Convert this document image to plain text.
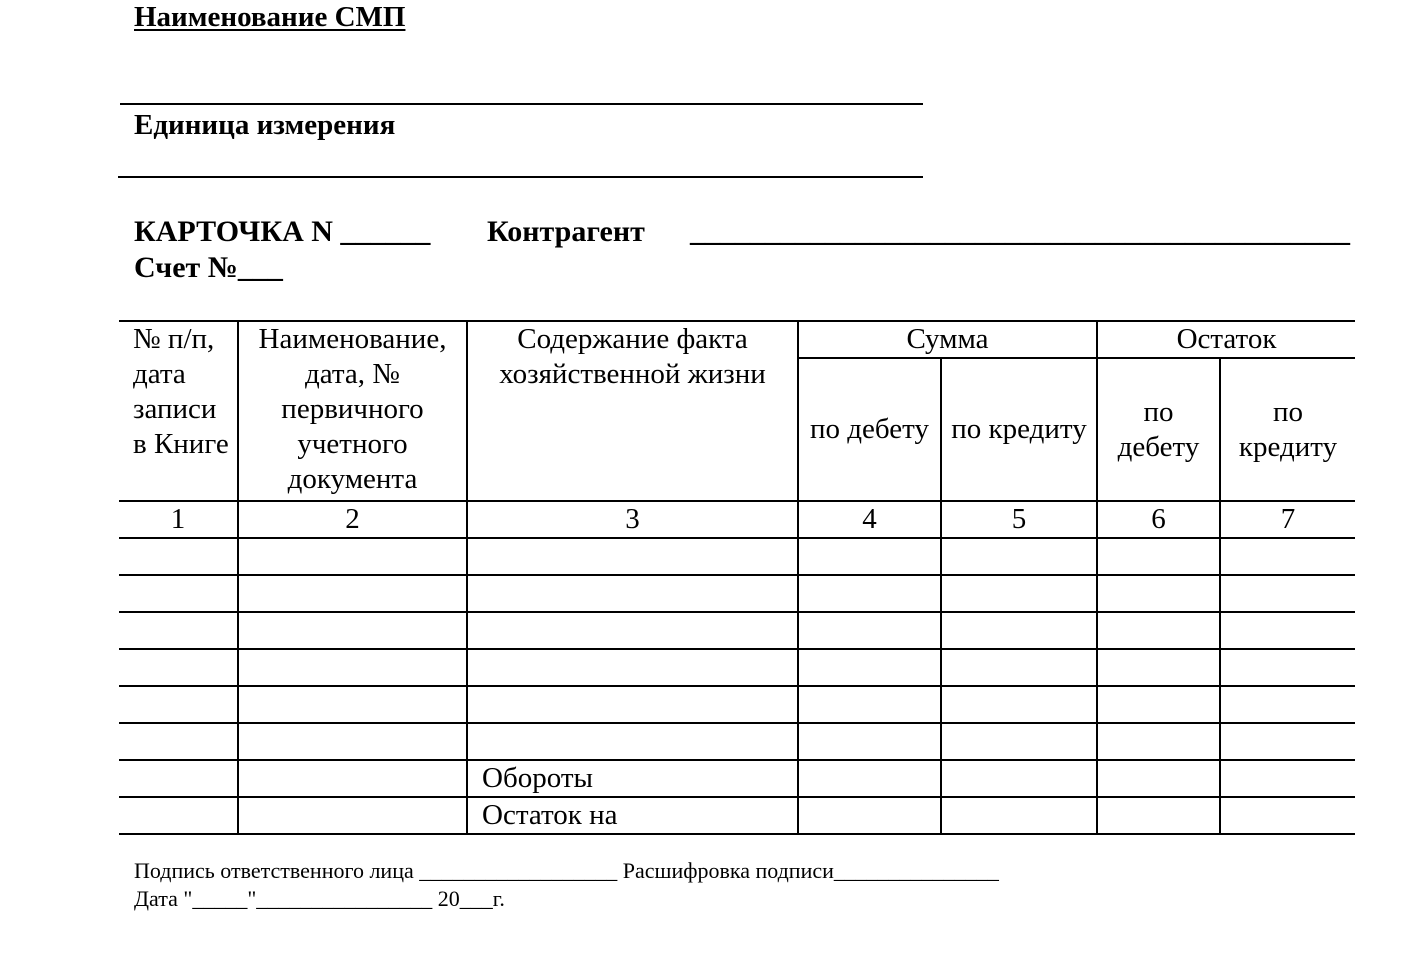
Наименование СМП
Единица измерения
КАРТОЧКА N ______ Контрагент ____________________________________________
Счет №___
№ п/п, дата записи в Книге	Наименование, дата, № первичного учетного документа	Содержание факта хозяйственной жизни	Сумма		Остаток	
			по дебету	по кредиту	по дебету	по кредиту
1	2	3	4	5	6	7

		Обороты				
		Остаток на				
Подпись ответственного лица __________________ Расшифровка подписи_______________
Дата "_____"________________ 20___г.
